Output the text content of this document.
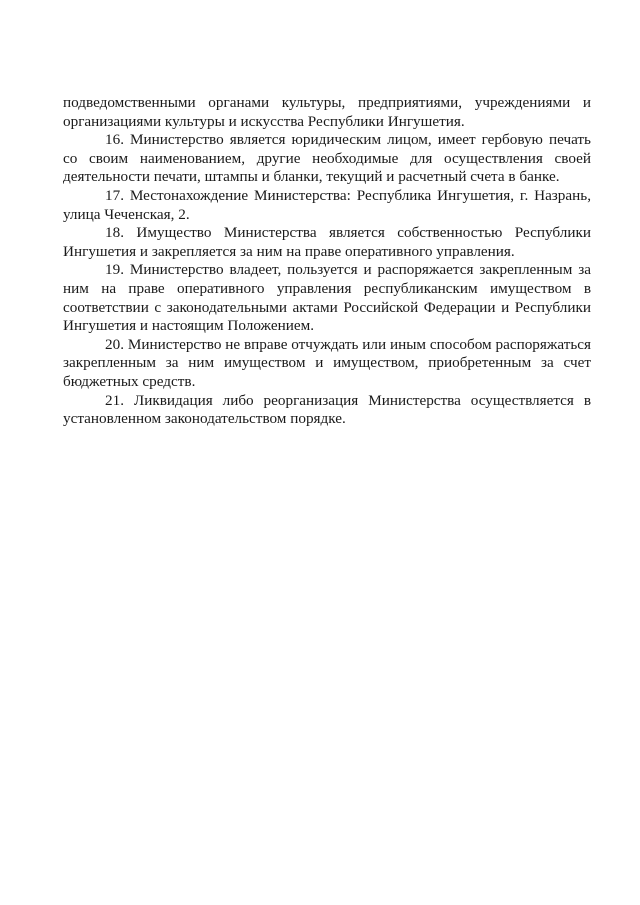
подведомственными органами культуры, предприятиями, учреждениями и организациями культуры и искусства Республики Ингушетия.

16. Министерство является юридическим лицом, имеет гербовую печать со своим наименованием, другие необходимые для осуществления своей деятельности печати, штампы и бланки, текущий и расчетный счета в банке.

17. Местонахождение Министерства: Республика Ингушетия, г. Назрань, улица Чеченская, 2.

18. Имущество Министерства является собственностью Республики Ингушетия и закрепляется за ним на праве оперативного управления.

19. Министерство владеет, пользуется и распоряжается закрепленным за ним на праве оперативного управления республиканским имуществом в соответствии с законодательными актами Российской Федерации и Республики Ингушетия и настоящим Положением.

20. Министерство не вправе отчуждать или иным способом распоряжаться закрепленным за ним имуществом и имуществом, приобретенным за счет бюджетных средств.

21. Ликвидация либо реорганизация Министерства осуществляется в установленном законодательством порядке.
